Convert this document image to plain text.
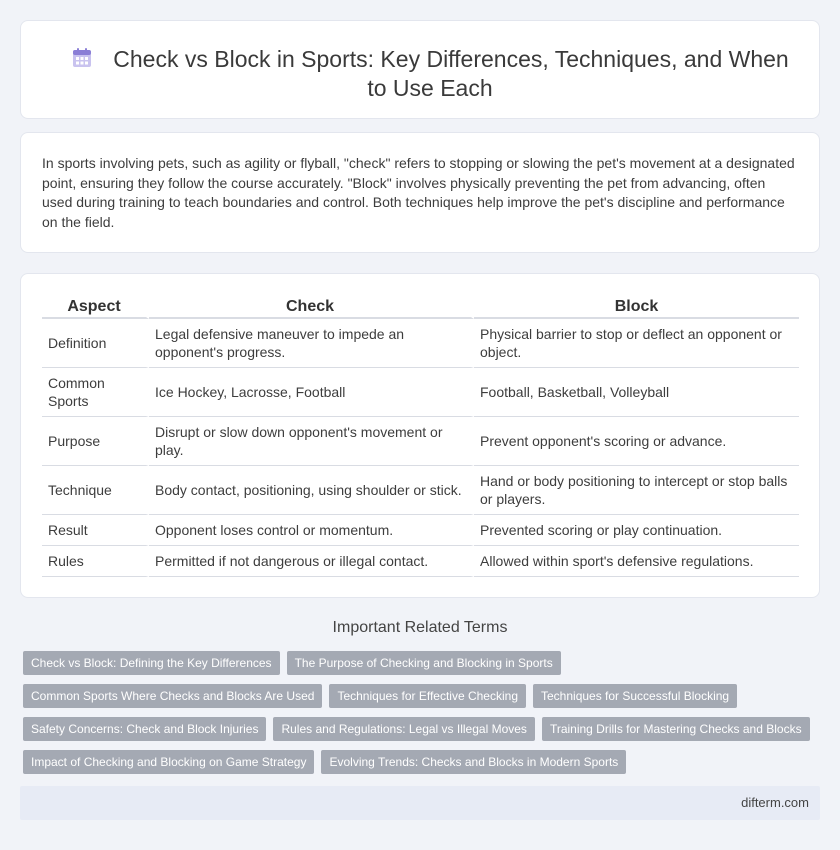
Check vs Block in Sports: Key Differences, Techniques, and When to Use Each

In sports involving pets, such as agility or flyball, "check" refers to stopping or slowing the pet's movement at a designated point, ensuring they follow the course accurately. "Block" involves physically preventing the pet from advancing, often used during training to teach boundaries and control. Both techniques help improve the pet's discipline and performance on the field.

Aspect	Check	Block
Definition	Legal defensive maneuver to impede an opponent's progress.	Physical barrier to stop or deflect an opponent or object.
Common Sports	Ice Hockey, Lacrosse, Football	Football, Basketball, Volleyball
Purpose	Disrupt or slow down opponent's movement or play.	Prevent opponent's scoring or advance.
Technique	Body contact, positioning, using shoulder or stick.	Hand or body positioning to intercept or stop balls or players.
Result	Opponent loses control or momentum.	Prevented scoring or play continuation.
Rules	Permitted if not dangerous or illegal contact.	Allowed within sport's defensive regulations.
Important Related Terms
Check vs Block: Defining the Key Differences	The Purpose of Checking and Blocking in Sports
Common Sports Where Checks and Blocks Are Used	Techniques for Effective Checking	Techniques for Successful Blocking
Safety Concerns: Check and Block Injuries	Rules and Regulations: Legal vs Illegal Moves	Training Drills for Mastering Checks and Blocks
Impact of Checking and Blocking on Game Strategy	Evolving Trends: Checks and Blocks in Modern Sports
difterm.com
